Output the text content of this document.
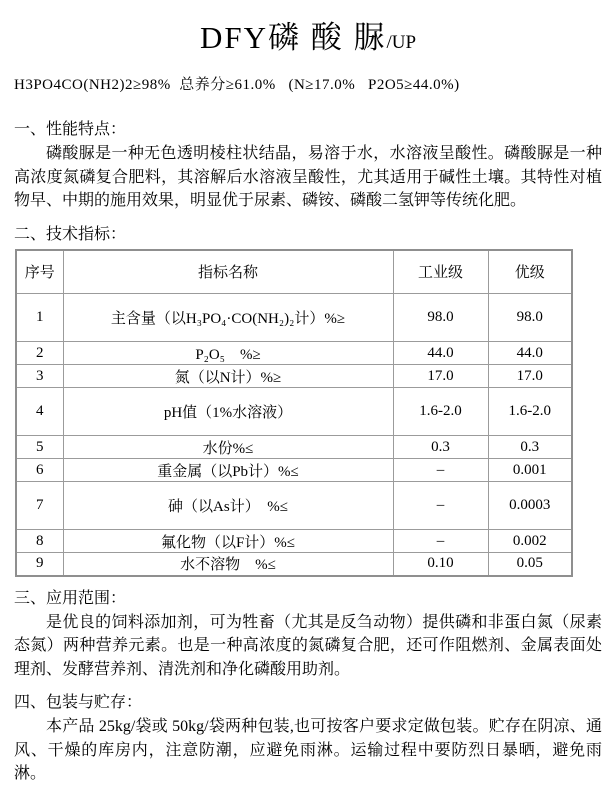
DFY磷 酸 脲/UP

H3PO4CO(NH2)2≥98%  总养分≥61.0%   (N≥17.0%   P2O5≥44.0%)

一、性能特点：

磷酸脲是一种无色透明棱柱状结晶，易溶于水，水溶液呈酸性。磷酸脲是一种高浓度氮磷复合肥料，其溶解后水溶液呈酸性，尤其适用于碱性土壤。其特性对植物早、中期的施用效果，明显优于尿素、磷铵、磷酸二氢钾等传统化肥。

二、技术指标：
序号	指标名称	工业级	优级
1	主含量（以H₃PO₄·CO(NH₂)₂计）%≥	98.0	98.0
2	P₂O₅　%≥	44.0	44.0
3	氮（以N计）%≥	17.0	17.0
4	pH值（1%水溶液）	1.6-2.0	1.6-2.0
5	水份%≤	0.3	0.3
6	重金属（以Pb计）%≤	–	0.001
7	砷（以As计）　%≤	–	0.0003
8	氟化物（以F计）%≤	–	0.002
9	水不溶物　%≤	0.10	0.05
三、应用范围：

是优良的饲料添加剂，可为牲畜（尤其是反刍动物）提供磷和非蛋白氮（尿素态氮）两种营养元素。也是一种高浓度的氮磷复合肥，还可作阻燃剂、金属表面处理剂、发酵营养剂、清洗剂和净化磷酸用助剂。

四、包装与贮存：

本产品 25kg/袋或 50kg/袋两种包装,也可按客户要求定做包装。贮存在阴凉、通风、干燥的库房内，注意防潮，应避免雨淋。运输过程中要防烈日暴晒，避免雨淋。
